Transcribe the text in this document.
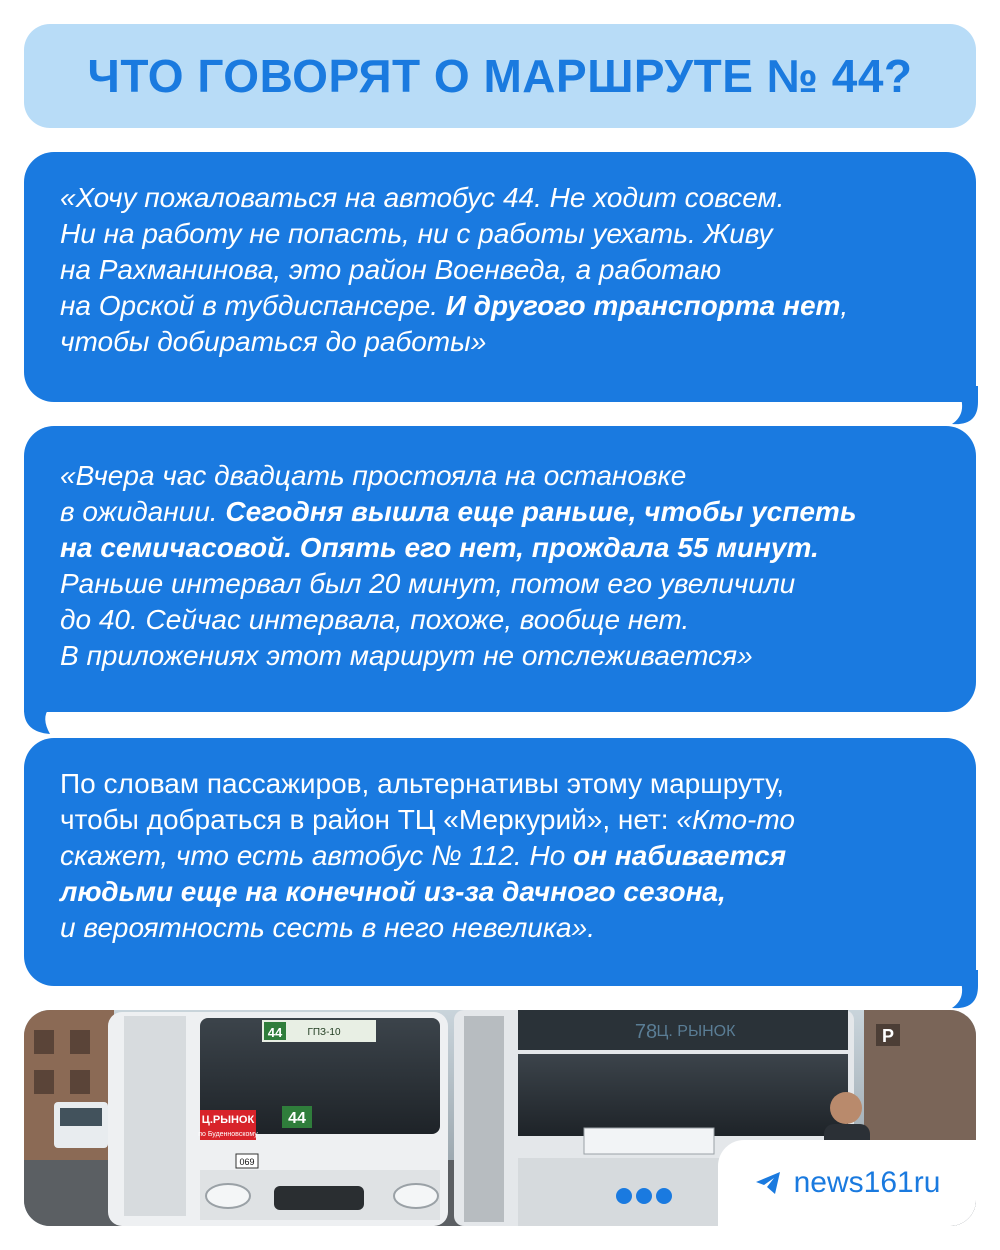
ЧТО ГОВОРЯТ О МАРШРУТЕ № 44?
«Хочу пожаловаться на автобус 44. Не ходит совсем.
Ни на работу не попасть, ни с работы уехать. Живу
на Рахманинова, это район Военведа, а работаю
на Орской в тубдиспансере. И другого транспорта нет,
чтобы добираться до работы»
«Вчера час двадцать простояла на остановке
в ожидании. Сегодня вышла еще раньше, чтобы успеть
на семичасовой. Опять его нет, прождала 55 минут.
Раньше интервал был 20 минут, потом его увеличили
до 40. Сейчас интервала, похоже, вообще нет.
В приложениях этот маршрут не отслеживается»
По словам пассажиров, альтернативы этому маршруту,
чтобы добраться в район ТЦ «Меркурий», нет: «Кто-то
скажет, что есть автобус № 112. Но он набивается
людьми еще на конечной из-за дачного сезона,
и вероятность сесть в него невелика».
P
44	ГПЗ-10
Ц.РЫНОК
по Буденновскому
44
069
Ц. РЫНОК
78
news161ru
